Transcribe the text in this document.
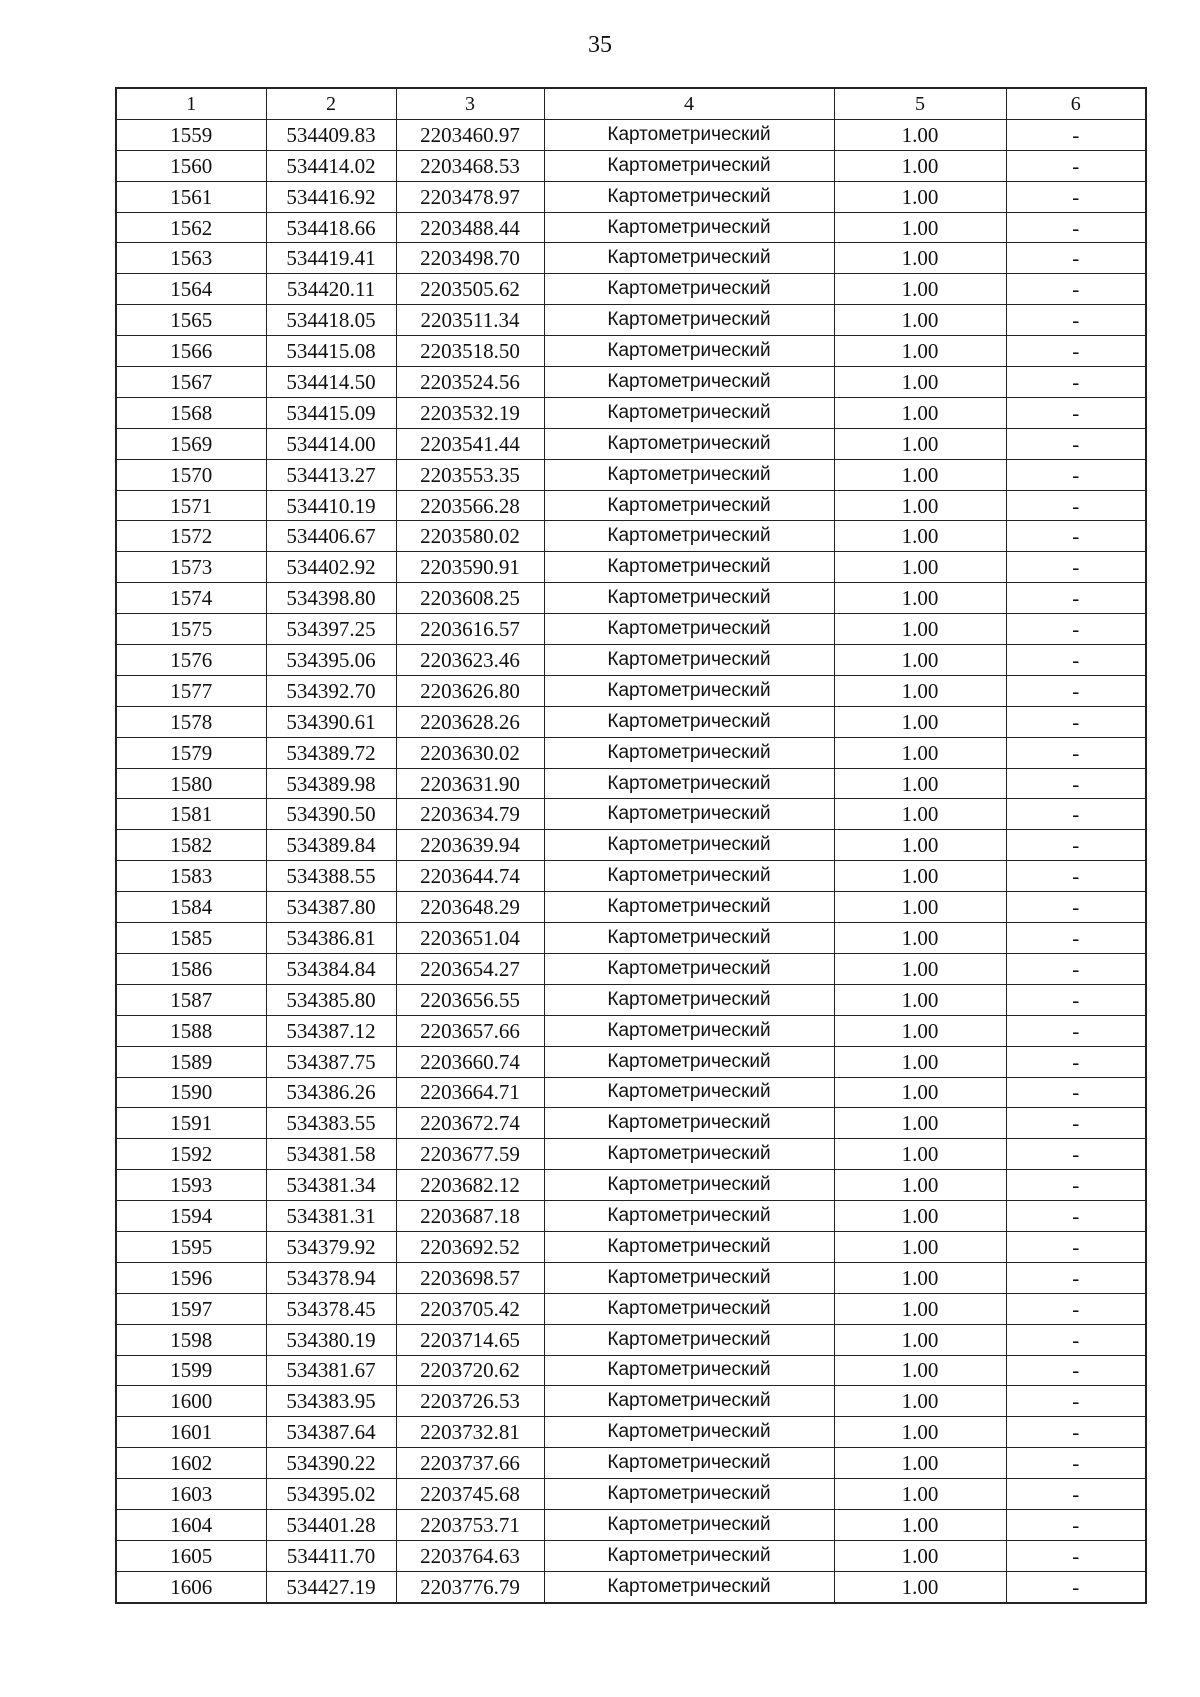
35
1	2	3	4	5	6
1559	534409.83	2203460.97	Картометрический	1.00	-
1560	534414.02	2203468.53	Картометрический	1.00	-
1561	534416.92	2203478.97	Картометрический	1.00	-
1562	534418.66	2203488.44	Картометрический	1.00	-
1563	534419.41	2203498.70	Картометрический	1.00	-
1564	534420.11	2203505.62	Картометрический	1.00	-
1565	534418.05	2203511.34	Картометрический	1.00	-
1566	534415.08	2203518.50	Картометрический	1.00	-
1567	534414.50	2203524.56	Картометрический	1.00	-
1568	534415.09	2203532.19	Картометрический	1.00	-
1569	534414.00	2203541.44	Картометрический	1.00	-
1570	534413.27	2203553.35	Картометрический	1.00	-
1571	534410.19	2203566.28	Картометрический	1.00	-
1572	534406.67	2203580.02	Картометрический	1.00	-
1573	534402.92	2203590.91	Картометрический	1.00	-
1574	534398.80	2203608.25	Картометрический	1.00	-
1575	534397.25	2203616.57	Картометрический	1.00	-
1576	534395.06	2203623.46	Картометрический	1.00	-
1577	534392.70	2203626.80	Картометрический	1.00	-
1578	534390.61	2203628.26	Картометрический	1.00	-
1579	534389.72	2203630.02	Картометрический	1.00	-
1580	534389.98	2203631.90	Картометрический	1.00	-
1581	534390.50	2203634.79	Картометрический	1.00	-
1582	534389.84	2203639.94	Картометрический	1.00	-
1583	534388.55	2203644.74	Картометрический	1.00	-
1584	534387.80	2203648.29	Картометрический	1.00	-
1585	534386.81	2203651.04	Картометрический	1.00	-
1586	534384.84	2203654.27	Картометрический	1.00	-
1587	534385.80	2203656.55	Картометрический	1.00	-
1588	534387.12	2203657.66	Картометрический	1.00	-
1589	534387.75	2203660.74	Картометрический	1.00	-
1590	534386.26	2203664.71	Картометрический	1.00	-
1591	534383.55	2203672.74	Картометрический	1.00	-
1592	534381.58	2203677.59	Картометрический	1.00	-
1593	534381.34	2203682.12	Картометрический	1.00	-
1594	534381.31	2203687.18	Картометрический	1.00	-
1595	534379.92	2203692.52	Картометрический	1.00	-
1596	534378.94	2203698.57	Картометрический	1.00	-
1597	534378.45	2203705.42	Картометрический	1.00	-
1598	534380.19	2203714.65	Картометрический	1.00	-
1599	534381.67	2203720.62	Картометрический	1.00	-
1600	534383.95	2203726.53	Картометрический	1.00	-
1601	534387.64	2203732.81	Картометрический	1.00	-
1602	534390.22	2203737.66	Картометрический	1.00	-
1603	534395.02	2203745.68	Картометрический	1.00	-
1604	534401.28	2203753.71	Картометрический	1.00	-
1605	534411.70	2203764.63	Картометрический	1.00	-
1606	534427.19	2203776.79	Картометрический	1.00	-
